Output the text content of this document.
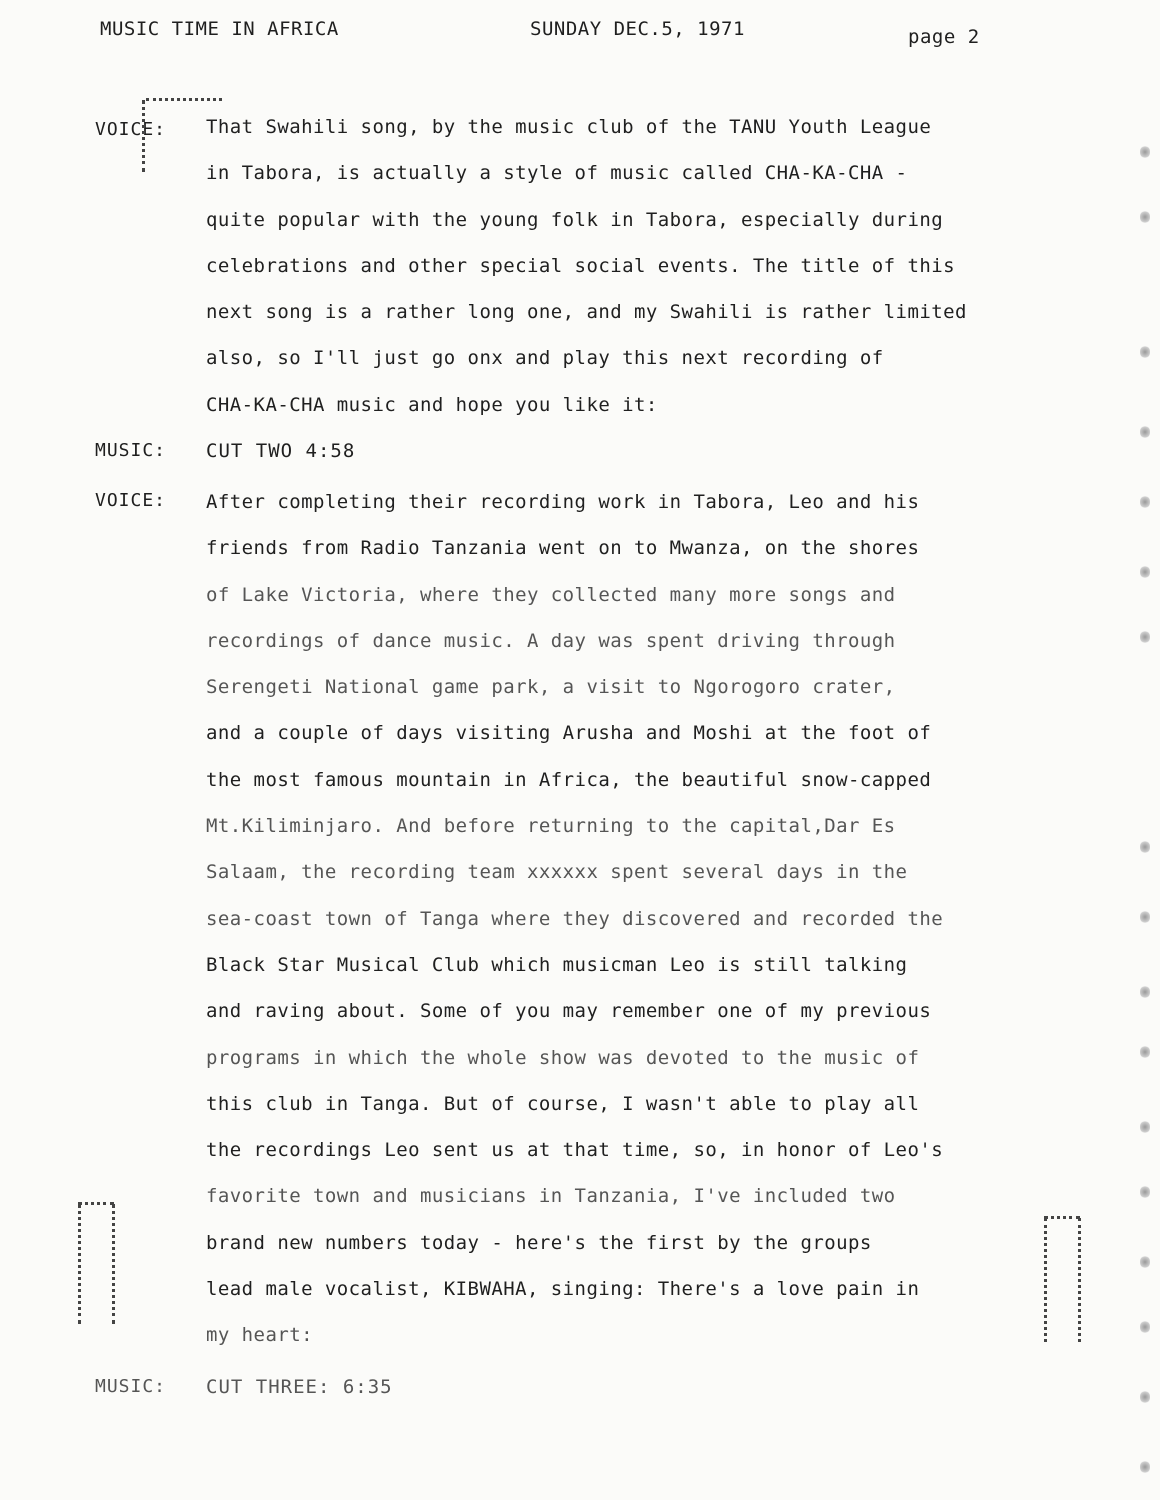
MUSIC TIME IN AFRICA	SUNDAY DEC.5, 1971	page 2
VOICE: That Swahili song, by the music club of the TANU Youth League
in Tabora, is actually a style of music called CHA-KA-CHA -
quite popular with the young folk in Tabora, especially during
celebrations and other special social events. The title of this
next song is a rather long one, and my Swahili is rather limited
also, so I'll just go onx and play this next recording of
CHA-KA-CHA music and hope you like it:
MUSIC: CUT TWO 4:58
VOICE: After completing their recording work in Tabora, Leo and his
friends from Radio Tanzania went on to Mwanza, on the shores
of Lake Victoria, where they collected many more songs and
recordings of dance music. A day was spent driving through
Serengeti National game park, a visit to Ngorogoro crater,
and a couple of days visiting Arusha and Moshi at the foot of
the most famous mountain in Africa, the beautiful snow-capped
Mt.Kiliminjaro. And before returning to the capital,Dar Es
Salaam, the recording team xxxxxx spent several days in the
sea-coast town of Tanga where they discovered and recorded the
Black Star Musical Club which musicman Leo is still talking
and raving about. Some of you may remember one of my previous
programs in which the whole show was devoted to the music of
this club in Tanga. But of course, I wasn't able to play all
the recordings Leo sent us at that time, so, in honor of Leo's
favorite town and musicians in Tanzania, I've included two
brand new numbers today - here's the first by the groups
lead male vocalist, KIBWAHA, singing: There's a love pain in
my heart:
MUSIC: CUT THREE: 6:35
